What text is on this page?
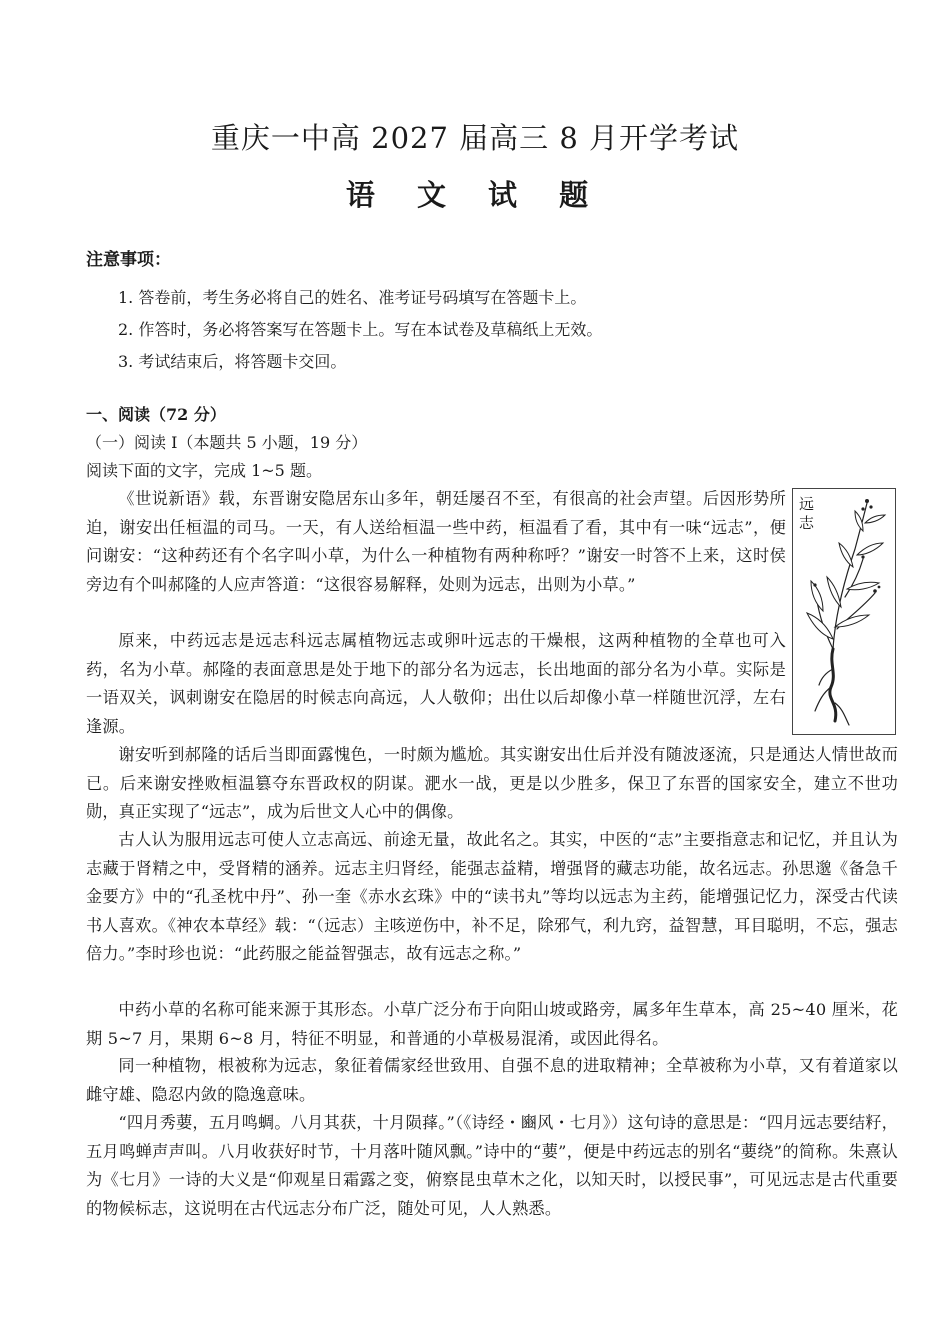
重庆一中高 2027 届高三 8 月开学考试
语 文 试 题
注意事项：
1. 答卷前，考生务必将自己的姓名、准考证号码填写在答题卡上。
2. 作答时，务必将答案写在答题卡上。写在本试卷及草稿纸上无效。
3. 考试结束后，将答题卡交回。
一、阅读（72 分）
（一）阅读 I（本题共 5 小题，19 分）
阅读下面的文字，完成 1~5 题。

《世说新语》载，东晋谢安隐居东山多年，朝廷屡召不至，有很高的社会声望。后因形势所迫，谢安出任桓温的司马。一天，有人送给桓温一些中药，桓温看了看，其中有一味“远志”，便问谢安：“这种药还有个名字叫小草，为什么一种植物有两种称呼？”谢安一时答不上来，这时侯旁边有个叫郝隆的人应声答道：“这很容易解释，处则为远志，出则为小草。”

原来，中药远志是远志科远志属植物远志或卵叶远志的干燥根，这两种植物的全草也可入药，名为小草。郝隆的表面意思是处于地下的部分名为远志，长出地面的部分名为小草。实际是一语双关，讽刺谢安在隐居的时候志向高远，人人敬仰；出仕以后却像小草一样随世沉浮，左右逢源。

远志

谢安听到郝隆的话后当即面露愧色，一时颇为尴尬。其实谢安出仕后并没有随波逐流，只是通达人情世故而已。后来谢安挫败桓温篡夺东晋政权的阴谋。淝水一战，更是以少胜多，保卫了东晋的国家安全，建立不世功勋，真正实现了“远志”，成为后世文人心中的偶像。

古人认为服用远志可使人立志高远、前途无量，故此名之。其实，中医的“志”主要指意志和记忆，并且认为志藏于肾精之中，受肾精的涵养。远志主归肾经，能强志益精，增强肾的藏志功能，故名远志。孙思邈《备急千金要方》中的“孔圣枕中丹”、孙一奎《赤水玄珠》中的“读书丸”等均以远志为主药，能增强记忆力，深受古代读书人喜欢。《神农本草经》载：“（远志）主咳逆伤中，补不足，除邪气，利九窍，益智慧，耳目聪明，不忘，强志倍力。”李时珍也说：“此药服之能益智强志，故有远志之称。”

中药小草的名称可能来源于其形态。小草广泛分布于向阳山坡或路旁，属多年生草本，高 25~40 厘米，花期 5~7 月，果期 6~8 月，特征不明显，和普通的小草极易混淆，或因此得名。

同一种植物，根被称为远志，象征着儒家经世致用、自强不息的进取精神；全草被称为小草，又有着道家以雌守雄、隐忍内敛的隐逸意味。

“四月秀葽，五月鸣蜩。八月其获，十月陨萚。”（《诗经・豳风・七月》）这句诗的意思是：“四月远志要结籽，五月鸣蝉声声叫。八月收获好时节，十月落叶随风飘。”诗中的“葽”，便是中药远志的别名“葽绕”的简称。朱熹认为《七月》一诗的大义是“仰观星日霜露之变，俯察昆虫草木之化，以知天时，以授民事”，可见远志是古代重要的物候标志，这说明在古代远志分布广泛，随处可见，人人熟悉。
